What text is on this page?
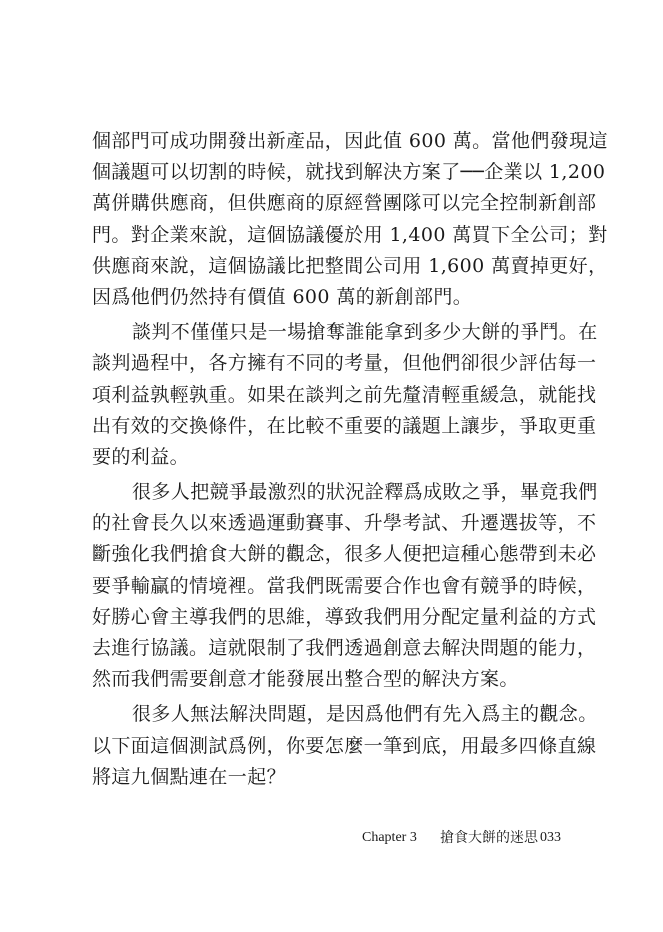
個部門可成功開發出新產品，因此值 600 萬。當他們發現這
個議題可以切割的時候，就找到解決方案了──企業以 1,200
萬併購供應商，但供應商的原經營團隊可以完全控制新創部
門。對企業來說，這個協議優於用 1,400 萬買下全公司；對
供應商來說，這個協議比把整間公司用 1,600 萬賣掉更好，
因爲他們仍然持有價值 600 萬的新創部門。
談判不僅僅只是一場搶奪誰能拿到多少大餅的爭鬥。在
談判過程中，各方擁有不同的考量，但他們卻很少評估每一
項利益孰輕孰重。如果在談判之前先釐清輕重緩急，就能找
出有效的交換條件，在比較不重要的議題上讓步，爭取更重
要的利益。
很多人把競爭最激烈的狀況詮釋爲成敗之爭，畢竟我們
的社會長久以來透過運動賽事、升學考試、升遷選拔等，不
斷強化我們搶食大餅的觀念，很多人便把這種心態帶到未必
要爭輸贏的情境裡。當我們既需要合作也會有競爭的時候，
好勝心會主導我們的思維，導致我們用分配定量利益的方式
去進行協議。這就限制了我們透過創意去解決問題的能力，
然而我們需要創意才能發展出整合型的解決方案。
很多人無法解決問題，是因爲他們有先入爲主的觀念。
以下面這個測試爲例，你要怎麼一筆到底，用最多四條直線
將這九個點連在一起？
Chapter 3 搶食大餅的迷思 033
